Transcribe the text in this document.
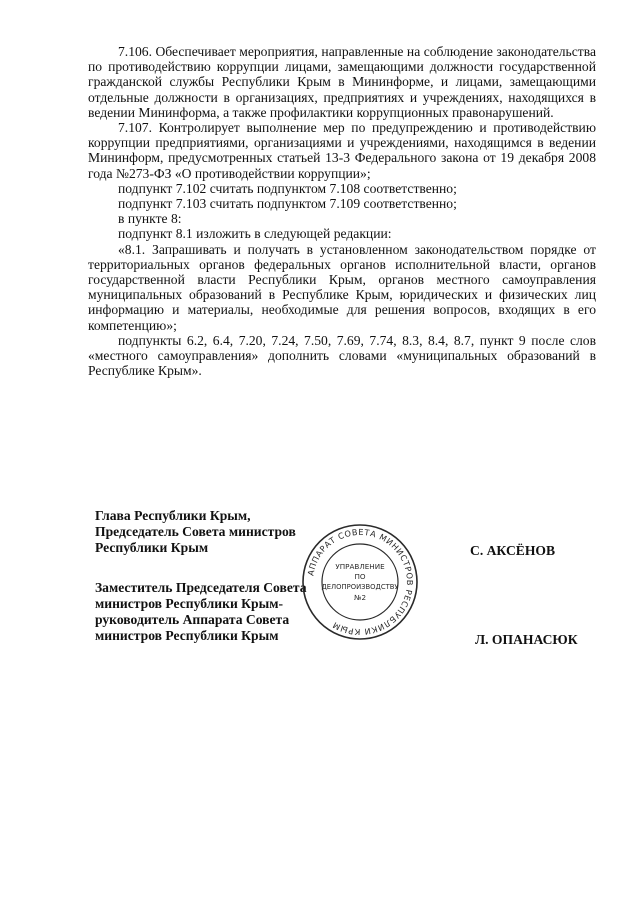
7.106. Обеспечивает мероприятия, направленные на соблюдение законодательства по противодействию коррупции лицами, замещающими должности государственной гражданской службы Республики Крым в Mининформе, и лицами, замещающими отдельные должности в организациях, предприятиях и учреждениях, находящихся в ведении Mининформа, а также профилактики коррупционных правонарушений.

7.107. Контролирует выполнение мер по предупреждению и противодействию коррупции предприятиями, организациями и учреждениями, находящимся в ведении Mининформ, предусмотренных статьей 13-3 Федерального закона от 19 декабря 2008 года №273-ФЗ «О противодействии коррупции»;

подпункт 7.102 считать подпунктом 7.108 соответственно;

подпункт 7.103 считать подпунктом 7.109 соответственно;

в пункте 8:

подпункт 8.1 изложить в следующей редакции:

«8.1. Запрашивать и получать в установленном законодательством порядке от территориальных органов федеральных органов исполнительной власти, органов государственной власти Республики Крым, органов местного самоуправления муниципальных образований в Республике Крым, юридических и физических лиц информацию и материалы, необходимые для решения вопросов, входящих в его компетенцию»;

подпункты 6.2, 6.4, 7.20, 7.24, 7.50, 7.69, 7.74, 8.3, 8.4, 8.7, пункт 9 после слов «местного самоуправления» дополнить словами «муниципальных образований в Республике Крым».

Глава Республики Крым,
Председатель Совета министров
Республики Крым	С. АКСЁНОВ
Заместитель Председателя Совета
министров Республики Крым-
руководитель Аппарата Совета
министров Республики Крым	Л. ОПАНАСЮК
АППАРАТ СОВЕТА МИНИСТРОВ РЕСПУБЛИКИ КРЫМ
УПРАВЛЕНИЕ
ПО
ДЕЛОПРОИЗВОДСТВУ
№2
